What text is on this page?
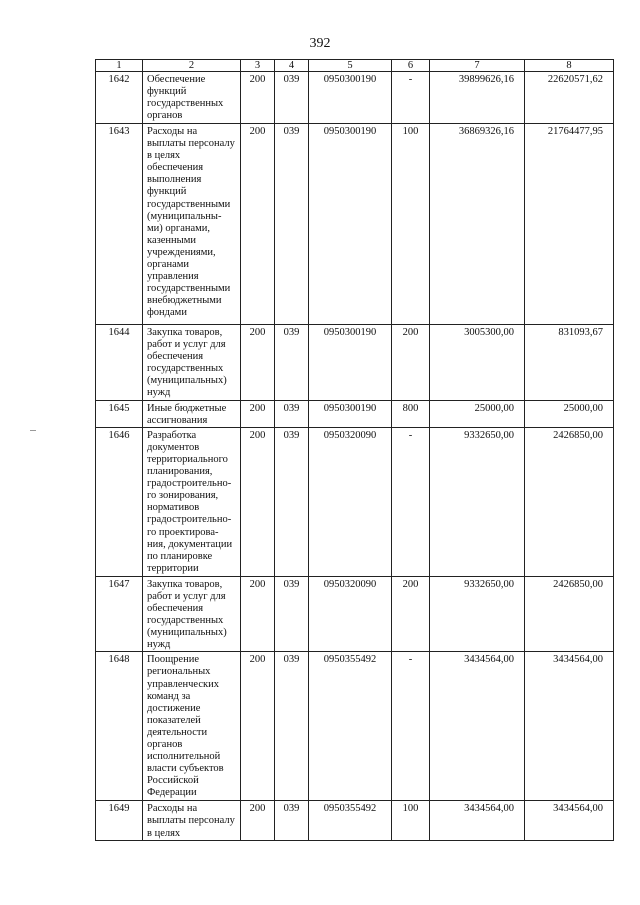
392
1	2	3	4	5	6	7	8
1642	Обеспечение функций государственных органов	200	039	0950300190	-	39899626,16	22620571,62
1643	Расходы на выплаты персоналу в целях обеспечения выполнения функций государственными (муниципальны-ми) органами, казенными учреждениями, органами управления государственными внебюджетными фондами	200	039	0950300190	100	36869326,16	21764477,95
1644	Закупка товаров, работ и услуг для обеспечения государственных (муниципальных) нужд	200	039	0950300190	200	3005300,00	831093,67
1645	Иные бюджетные ассигнования	200	039	0950300190	800	25000,00	25000,00
1646	Разработка документов территориального планирования, градостроительно-го зонирования, нормативов градостроительно-го проектирова-ния, документации по планировке территории	200	039	0950320090	-	9332650,00	2426850,00
1647	Закупка товаров, работ и услуг для обеспечения государственных (муниципальных) нужд	200	039	0950320090	200	9332650,00	2426850,00
1648	Поощрение региональных управленческих команд за достижение показателей деятельности органов исполнительной власти субъектов Российской Федерации	200	039	0950355492	-	3434564,00	3434564,00
1649	Расходы на выплаты персоналу в целях	200	039	0950355492	100	3434564,00	3434564,00
